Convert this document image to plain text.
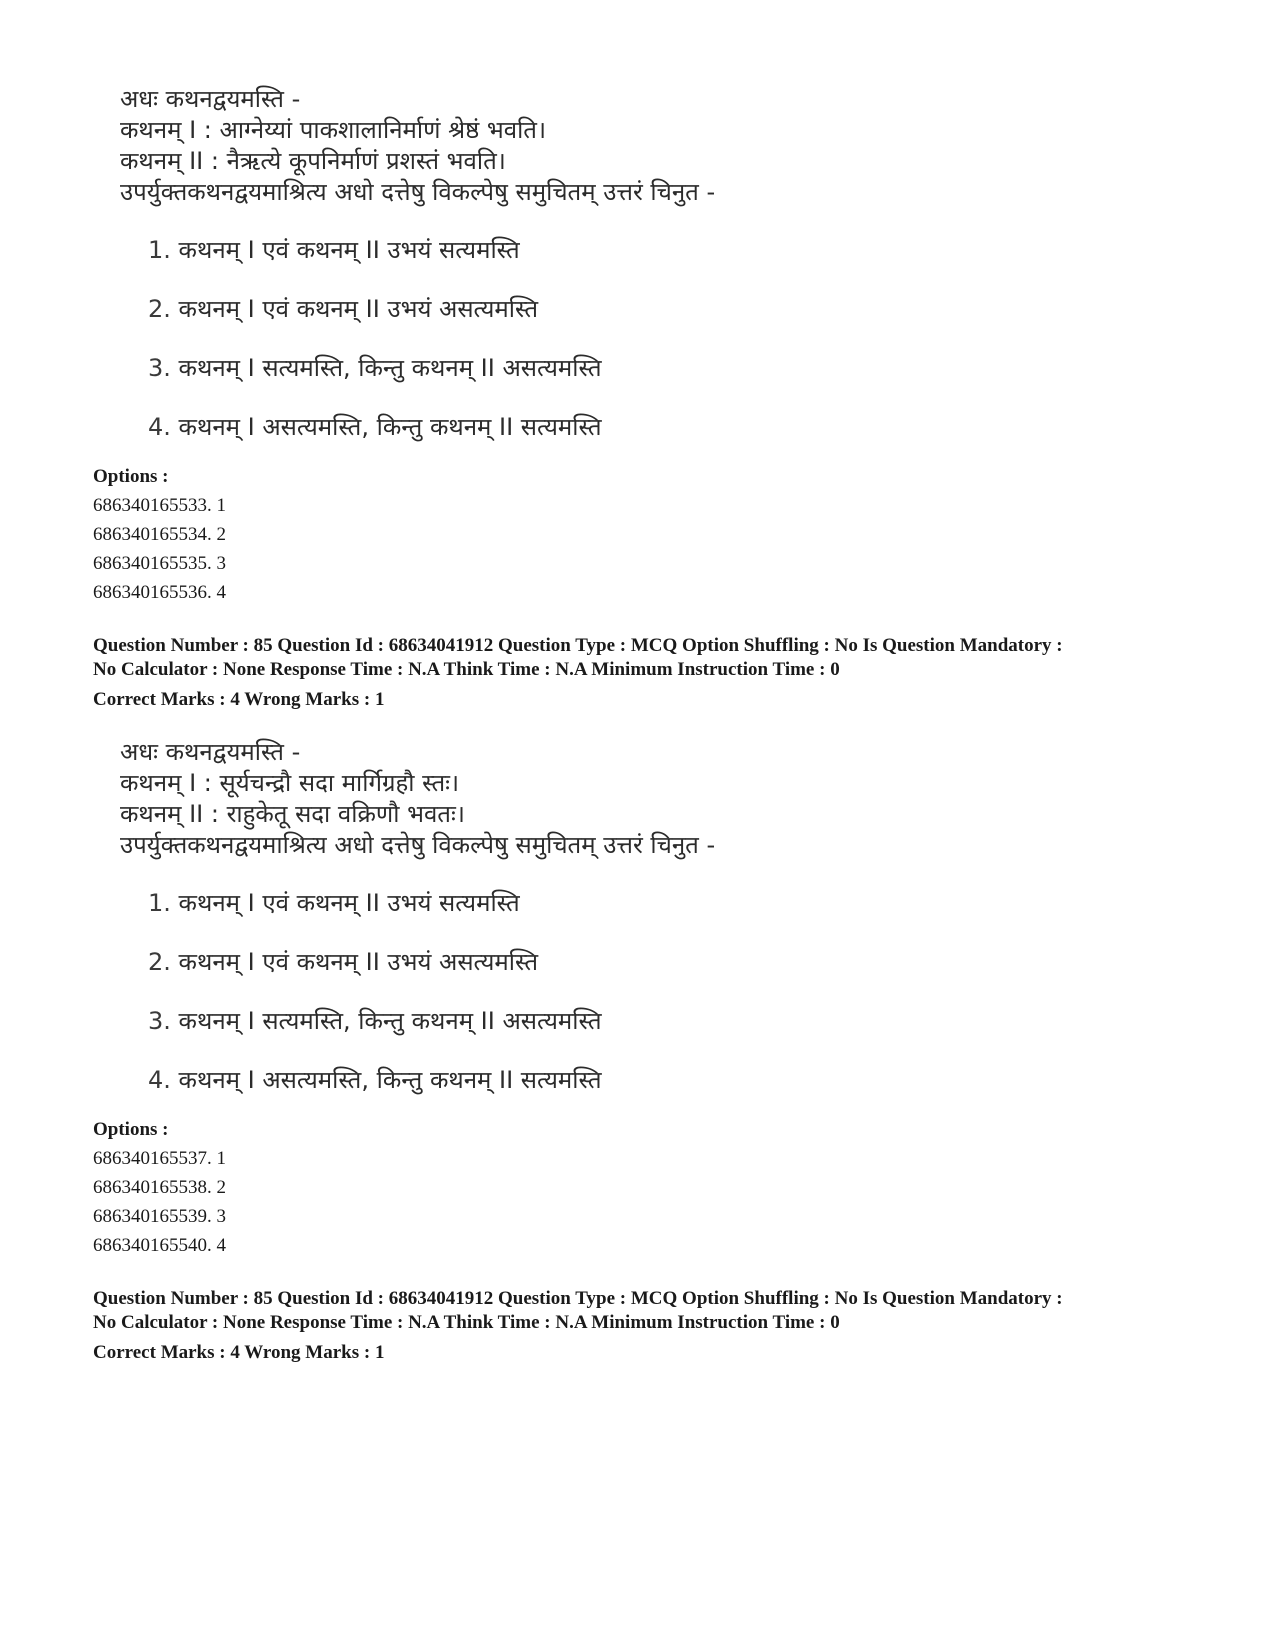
अधः कथनद्वयमस्ति -
कथनम् I : आग्नेय्यां पाकशालानिर्माणं श्रेष्ठं भवति।
कथनम् II : नैऋत्ये कूपनिर्माणं प्रशस्तं भवति।
उपर्युक्तकथनद्वयमाश्रित्य अधो दत्तेषु विकल्पेषु समुचितम् उत्तरं चिनुत -
1. कथनम् I एवं कथनम् II उभयं सत्यमस्ति
2. कथनम् I एवं कथनम् II उभयं असत्यमस्ति
3. कथनम् I सत्यमस्ति, किन्तु कथनम् II असत्यमस्ति
4. कथनम् I असत्यमस्ति, किन्तु कथनम् II सत्यमस्ति
Options :
686340165533. 1
686340165534. 2
686340165535. 3
686340165536. 4
Question Number : 85 Question Id : 68634041912 Question Type : MCQ Option Shuffling : No Is Question Mandatory :
No Calculator : None Response Time : N.A Think Time : N.A Minimum Instruction Time : 0
Correct Marks : 4 Wrong Marks : 1
अधः कथनद्वयमस्ति -
कथनम् I : सूर्यचन्द्रौ सदा मार्गिग्रहौ स्तः।
कथनम् II : राहुकेतू सदा वक्रिणौ भवतः।
उपर्युक्तकथनद्वयमाश्रित्य अधो दत्तेषु विकल्पेषु समुचितम् उत्तरं चिनुत -
1. कथनम् I एवं कथनम् II उभयं सत्यमस्ति
2. कथनम् I एवं कथनम् II उभयं असत्यमस्ति
3. कथनम् I सत्यमस्ति, किन्तु कथनम् II असत्यमस्ति
4. कथनम् I असत्यमस्ति, किन्तु कथनम् II सत्यमस्ति
Options :
686340165537. 1
686340165538. 2
686340165539. 3
686340165540. 4
Question Number : 85 Question Id : 68634041912 Question Type : MCQ Option Shuffling : No Is Question Mandatory :
No Calculator : None Response Time : N.A Think Time : N.A Minimum Instruction Time : 0
Correct Marks : 4 Wrong Marks : 1
